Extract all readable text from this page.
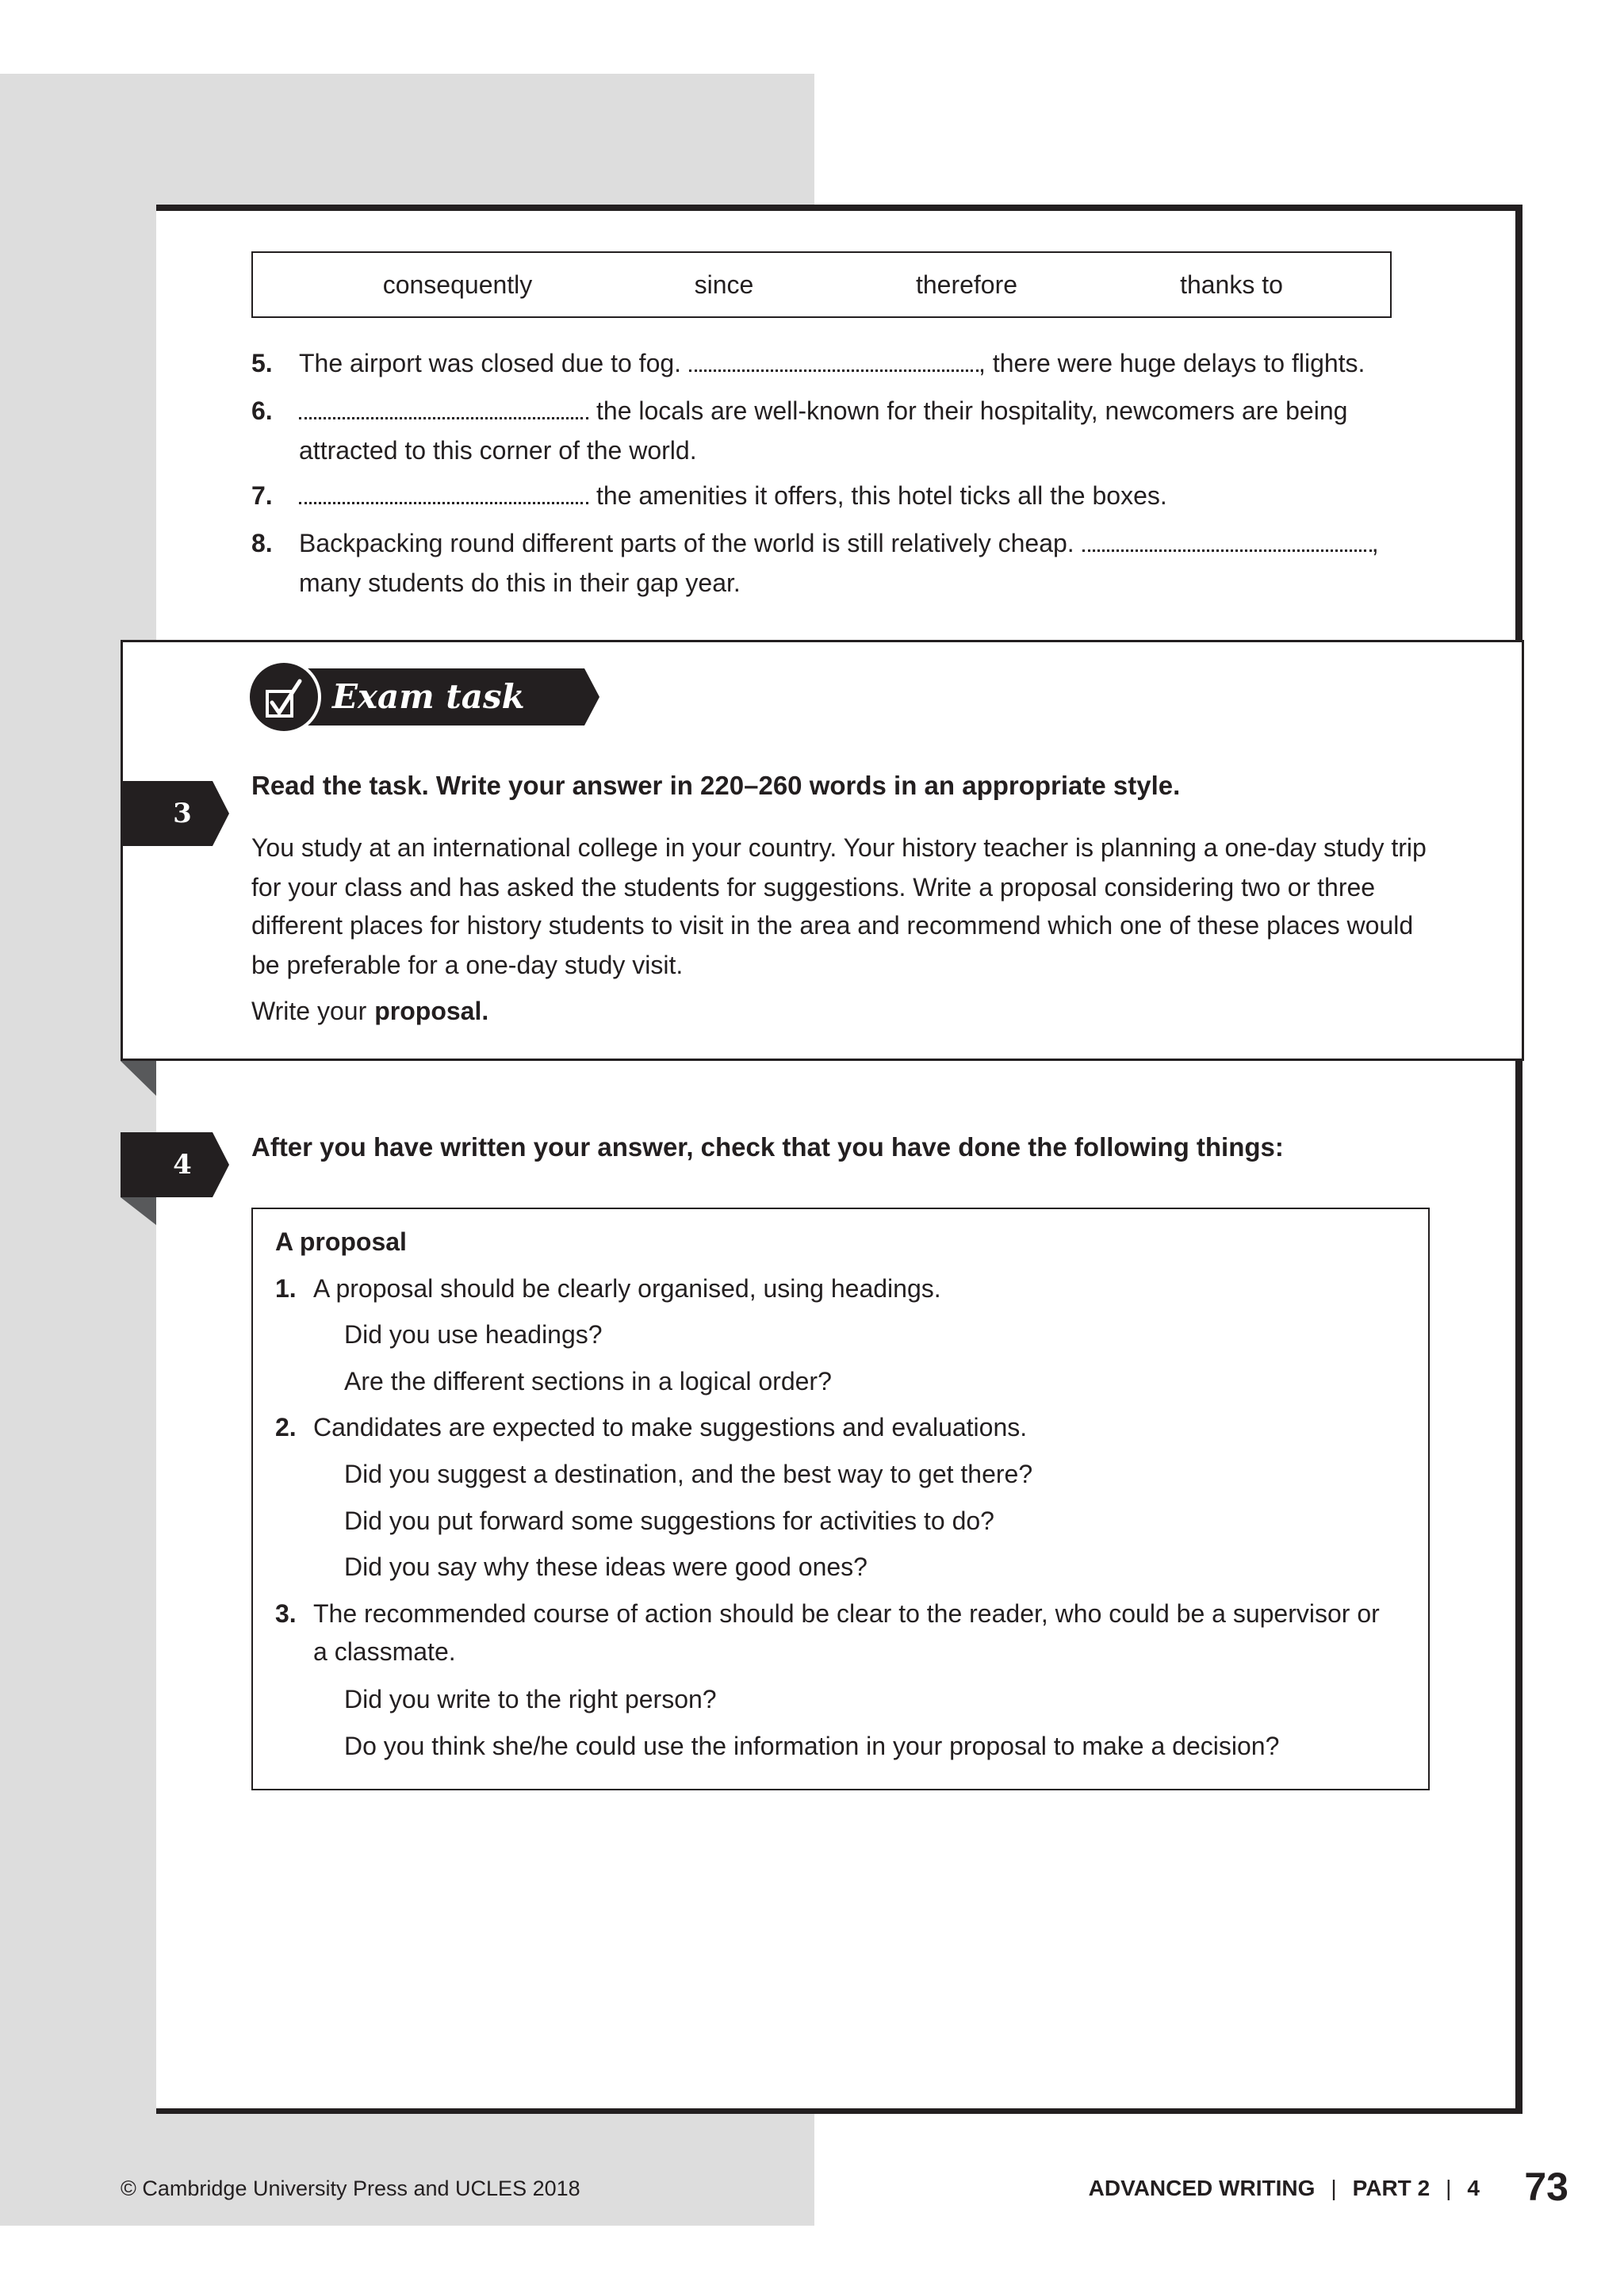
consequently	since	therefore	thanks to
5. The airport was closed due to fog.	, there were huge delays to flights.
6.	the locals are well-known for their hospitality, newcomers are being
attracted to this corner of the world.
7.	the amenities it offers, this hotel ticks all the boxes.
8. Backpacking round different parts of the world is still relatively cheap.	,
many students do this in their gap year.
Exam task
3
Read the task. Write your answer in 220–260 words in an appropriate style.
You study at an international college in your country. Your history teacher is planning a one-day study trip
for your class and has asked the students for suggestions. Write a proposal considering two or three
different places for history students to visit in the area and recommend which one of these places would
be preferable for a one-day study visit.
Write your proposal.
4
After you have written your answer, check that you have done the following things:
A proposal
1. A proposal should be clearly organised, using headings.
Did you use headings?
Are the different sections in a logical order?
2. Candidates are expected to make suggestions and evaluations.
Did you suggest a destination, and the best way to get there?
Did you put forward some suggestions for activities to do?
Did you say why these ideas were good ones?
3. The recommended course of action should be clear to the reader, who could be a supervisor or
a classmate.
Did you write to the right person?
Do you think she/he could use the information in your proposal to make a decision?
© Cambridge University Press and UCLES 2018	ADVANCED WRITING | PART 2 | 4 73
